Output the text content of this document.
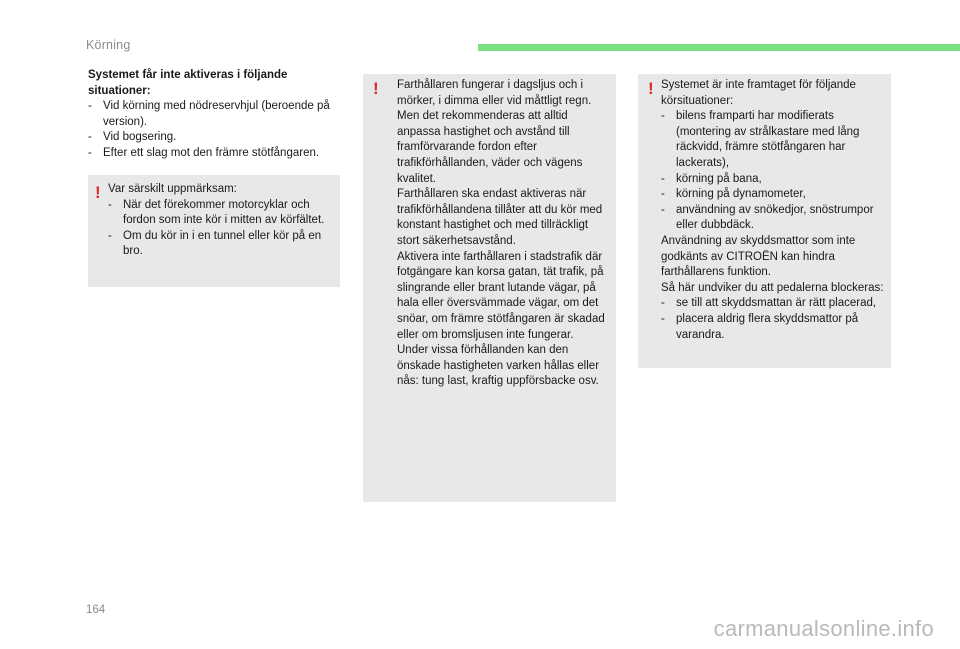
Körning
Systemet får inte aktiveras i följande situationer:
- Vid körning med nödreservhjul (beroende på version).
- Vid bogsering.
- Efter ett slag mot den främre stötfångaren.
! Var särskilt uppmärksam:

- När det förekommer motorcyklar och fordon som inte kör i mitten av körfältet.
- Om du kör in i en tunnel eller kör på en bro.
! Farthållaren fungerar i dagsljus och i mörker, i dimma eller vid måttligt regn. Men det rekommenderas att alltid anpassa hastighet och avstånd till framförvarande fordon efter trafikförhållanden, väder och vägens kvalitet.

Farthållaren ska endast aktiveras när trafikförhållandena tillåter att du kör med konstant hastighet och med tillräckligt stort säkerhetsavstånd.

Aktivera inte farthållaren i stadstrafik där fotgängare kan korsa gatan, tät trafik, på slingrande eller brant lutande vägar, på hala eller översvämmade vägar, om det snöar, om främre stötfångaren är skadad eller om bromsljusen inte fungerar.

Under vissa förhållanden kan den önskade hastigheten varken hållas eller nås: tung last, kraftig uppförsbacke osv.

! Systemet är inte framtaget för följande körsituationer:

- bilens framparti har modifierats (montering av strålkastare med lång räckvidd, främre stötfångaren har lackerats),
- körning på bana,
- körning på dynamometer,
- användning av snökedjor, snöstrumpor eller dubbdäck.

Användning av skyddsmattor som inte godkänts av CITROËN kan hindra farthållarens funktion.

Så här undviker du att pedalerna blockeras:

- se till att skyddsmattan är rätt placerad,
- placera aldrig flera skyddsmattor på varandra.
164
carmanualsonline.info
